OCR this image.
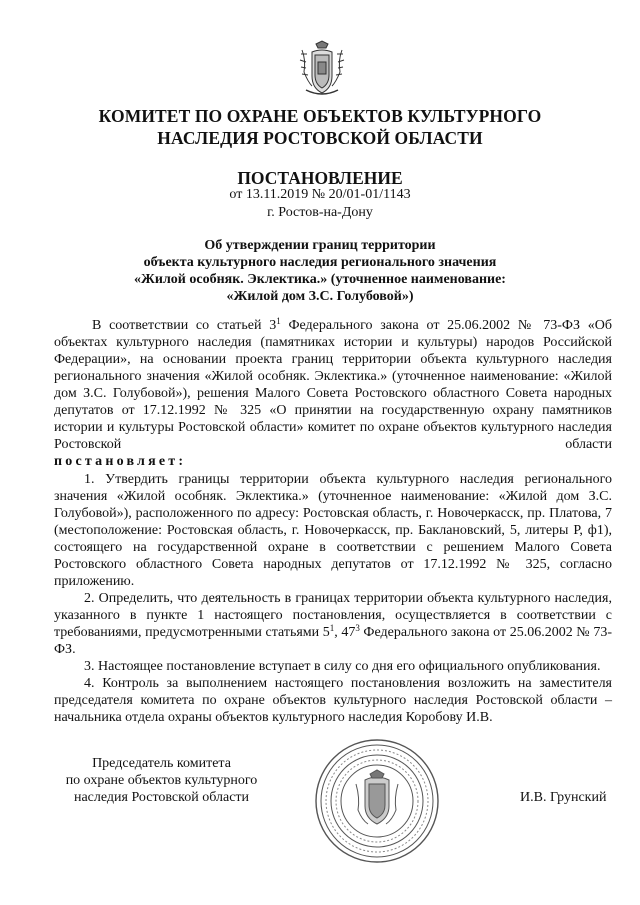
КОМИТЕТ ПО ОХРАНЕ ОБЪЕКТОВ КУЛЬТУРНОГО
НАСЛЕДИЯ РОСТОВСКОЙ ОБЛАСТИ
ПОСТАНОВЛЕНИЕ
от 13.11.2019 № 20/01-01/1143
г. Ростов-на-Дону
Об утверждении границ территории
объекта культурного наследия регионального значения
«Жилой особняк. Эклектика.» (уточненное наименование:
«Жилой дом З.С. Голубовой»)

В соответствии со статьей $3^1$ Федерального закона от 25.06.2002 № 73-ФЗ «Об объектах культурного наследия (памятниках истории и культуры) народов Российской Федерации», на основании проекта границ территории объекта культурного наследия регионального значения «Жилой особняк. Эклектика.» (уточненное наименование: «Жилой дом З.С. Голубовой»), решения Малого Совета Ростовского областного Совета народных депутатов от 17.12.1992 № 325 «О принятии на государственную охрану памятников истории и культуры Ростовской области» комитет по охране объектов культурного наследия Ростовской области

постановляет:

1. Утвердить границы территории объекта культурного наследия регионального значения «Жилой особняк. Эклектика.» (уточненное наименование: «Жилой дом З.С. Голубовой»), расположенного по адресу: Ростовская область, г. Новочеркасск, пр. Платова, 7 (местоположение: Ростовская область, г. Новочеркасск, пр. Баклановский, 5, литеры Р, ф1), состоящего на государственной охране в соответствии с решением Малого Совета Ростовского областного Совета народных депутатов от 17.12.1992 № 325, согласно приложению.

2. Определить, что деятельность в границах территории объекта культурного наследия, указанного в пункте 1 настоящего постановления, осуществляется в соответствии с требованиями, предусмотренными статьями $5^1$, $47^3$ Федерального закона от 25.06.2002 № 73-ФЗ.

3. Настоящее постановление вступает в силу со дня его официального опубликования.

4. Контроль за выполнением настоящего постановления возложить на заместителя председателя комитета по охране объектов культурного наследия Ростовской области – начальника отдела охраны объектов культурного наследия Коробову И.В.

Председатель комитета
по охране объектов культурного
наследия Ростовской области	И.В. Грунский
